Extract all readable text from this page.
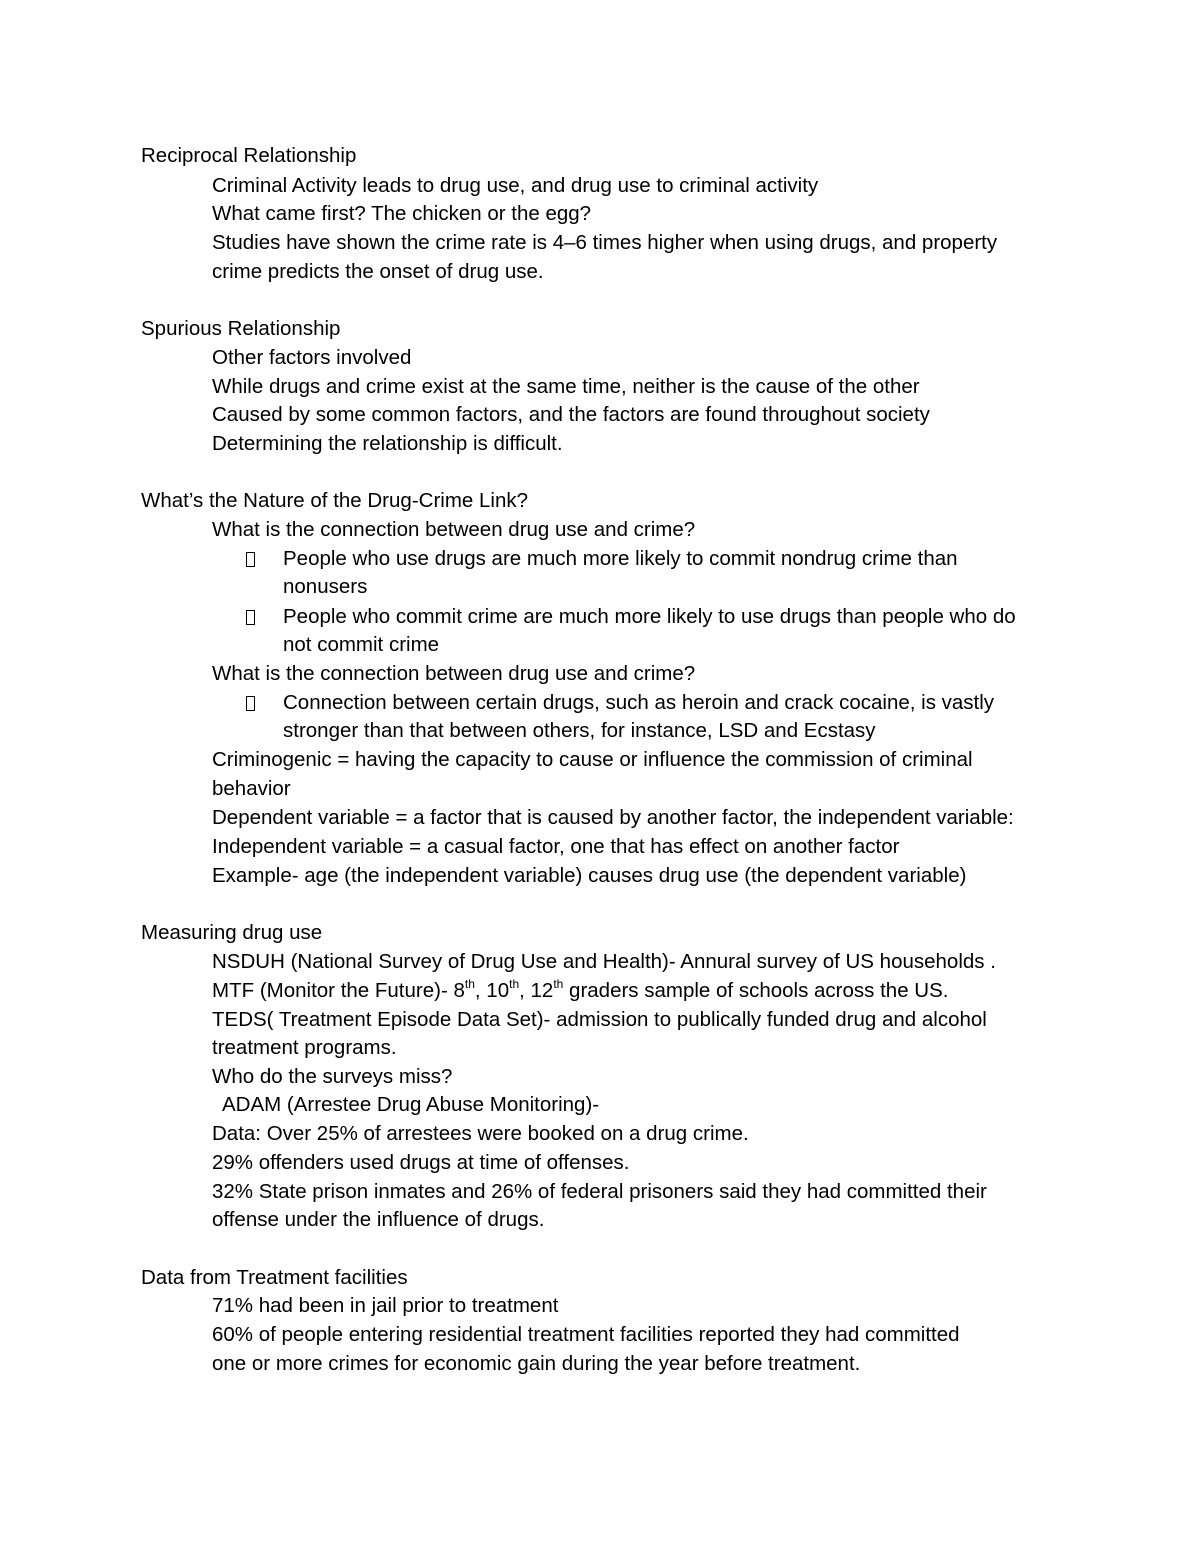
Reciprocal Relationship
Criminal Activity leads to drug use, and drug use to criminal activity
What came first? The chicken or the egg?
Studies have shown the crime rate is 4–6 times higher when using drugs, and property
crime predicts the onset of drug use.
Spurious Relationship
Other factors involved
While drugs and crime exist at the same time, neither is the cause of the other
Caused by some common factors, and the factors are found throughout society
Determining the relationship is difficult.
What’s the Nature of the Drug-Crime Link?
What is the connection between drug use and crime?
People who use drugs are much more likely to commit nondrug crime than
nonusers
People who commit crime are much more likely to use drugs than people who do
not commit crime
What is the connection between drug use and crime?
Connection between certain drugs, such as heroin and crack cocaine, is vastly
stronger than that between others, for instance, LSD and Ecstasy
Criminogenic = having the capacity to cause or influence the commission of criminal
behavior
Dependent variable = a factor that is caused by another factor, the independent variable:
Independent variable = a casual factor, one that has effect on another factor
Example- age (the independent variable) causes drug use (the dependent variable)
Measuring drug use
NSDUH (National Survey of Drug Use and Health)- Annural survey of US households .
MTF (Monitor the Future)- 8th, 10th, 12th graders sample of schools across the US.
TEDS( Treatment Episode Data Set)- admission to publically funded drug and alcohol
treatment programs.
Who do the surveys miss?
ADAM (Arrestee Drug Abuse Monitoring)-
Data: Over 25% of arrestees were booked on a drug crime.
29% offenders used drugs at time of offenses.
32% State prison inmates and 26% of federal prisoners said they had committed their
offense under the influence of drugs.
Data from Treatment facilities
71% had been in jail prior to treatment
60% of people entering residential treatment facilities reported they had committed
one or more crimes for economic gain during the year before treatment.
